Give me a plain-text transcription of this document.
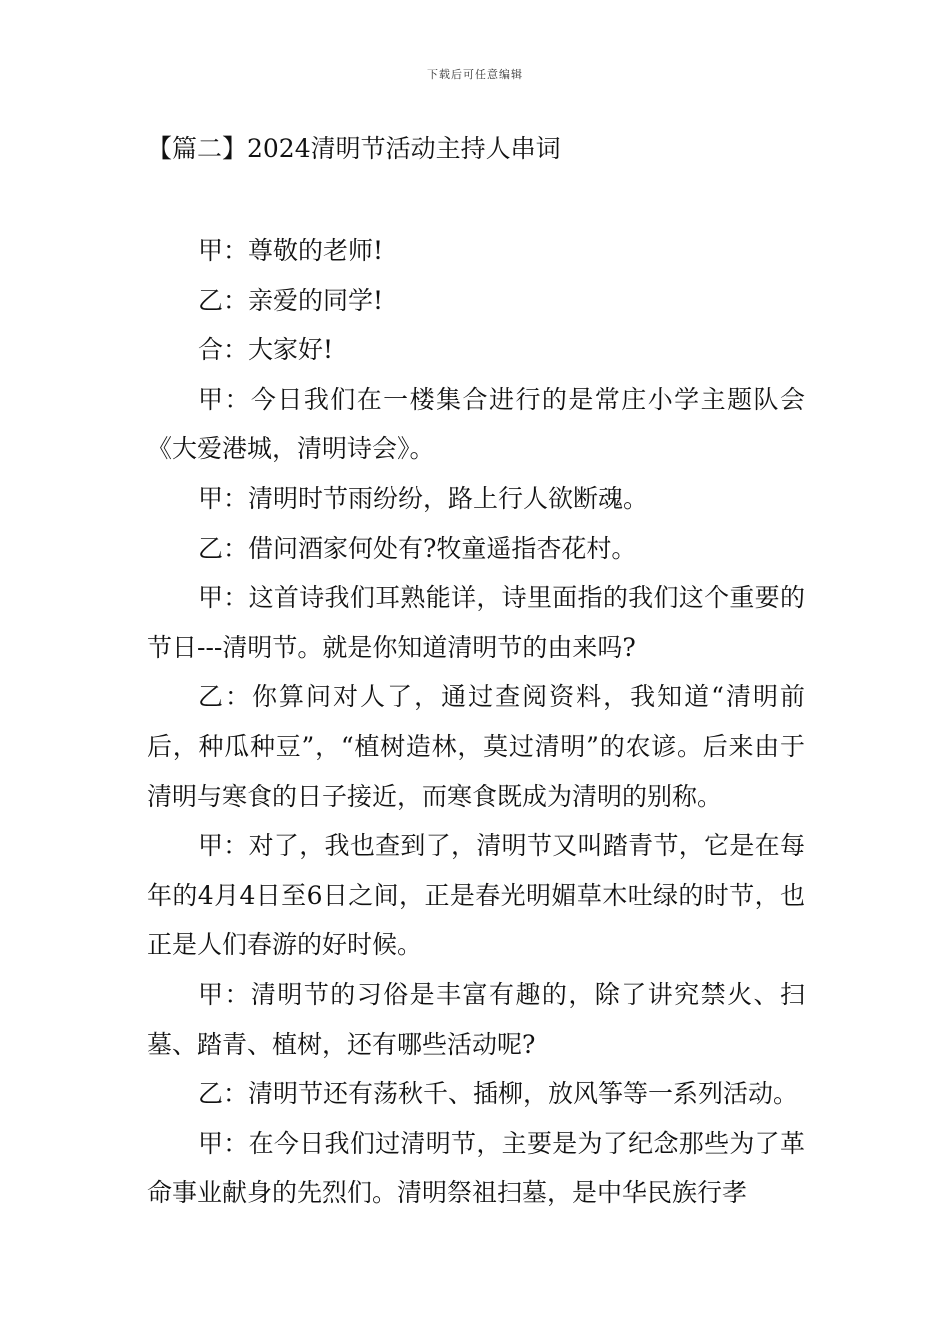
下载后可任意编辑
【篇二】2024清明节活动主持人串词

甲：尊敬的老师!

乙：亲爱的同学!

合：大家好!

甲：今日我们在一楼集合进行的是常庄小学主题队会《大爱港城，清明诗会》。

甲：清明时节雨纷纷，路上行人欲断魂。

乙：借问酒家何处有?牧童遥指杏花村。

甲：这首诗我们耳熟能详，诗里面指的我们这个重要的节日---清明节。就是你知道清明节的由来吗?

乙：你算问对人了，通过查阅资料，我知道“清明前后，种瓜种豆”，“植树造林，莫过清明”的农谚。后来由于清明与寒食的日子接近，而寒食既成为清明的别称。

甲：对了，我也查到了，清明节又叫踏青节，它是在每年的4月4日至6日之间，正是春光明媚草木吐绿的时节，也正是人们春游的好时候。

甲：清明节的习俗是丰富有趣的，除了讲究禁火、扫墓、踏青、植树，还有哪些活动呢?

乙：清明节还有荡秋千、插柳，放风筝等一系列活动。

甲：在今日我们过清明节，主要是为了纪念那些为了革命事业献身的先烈们。清明祭祖扫墓，是中华民族行孝
